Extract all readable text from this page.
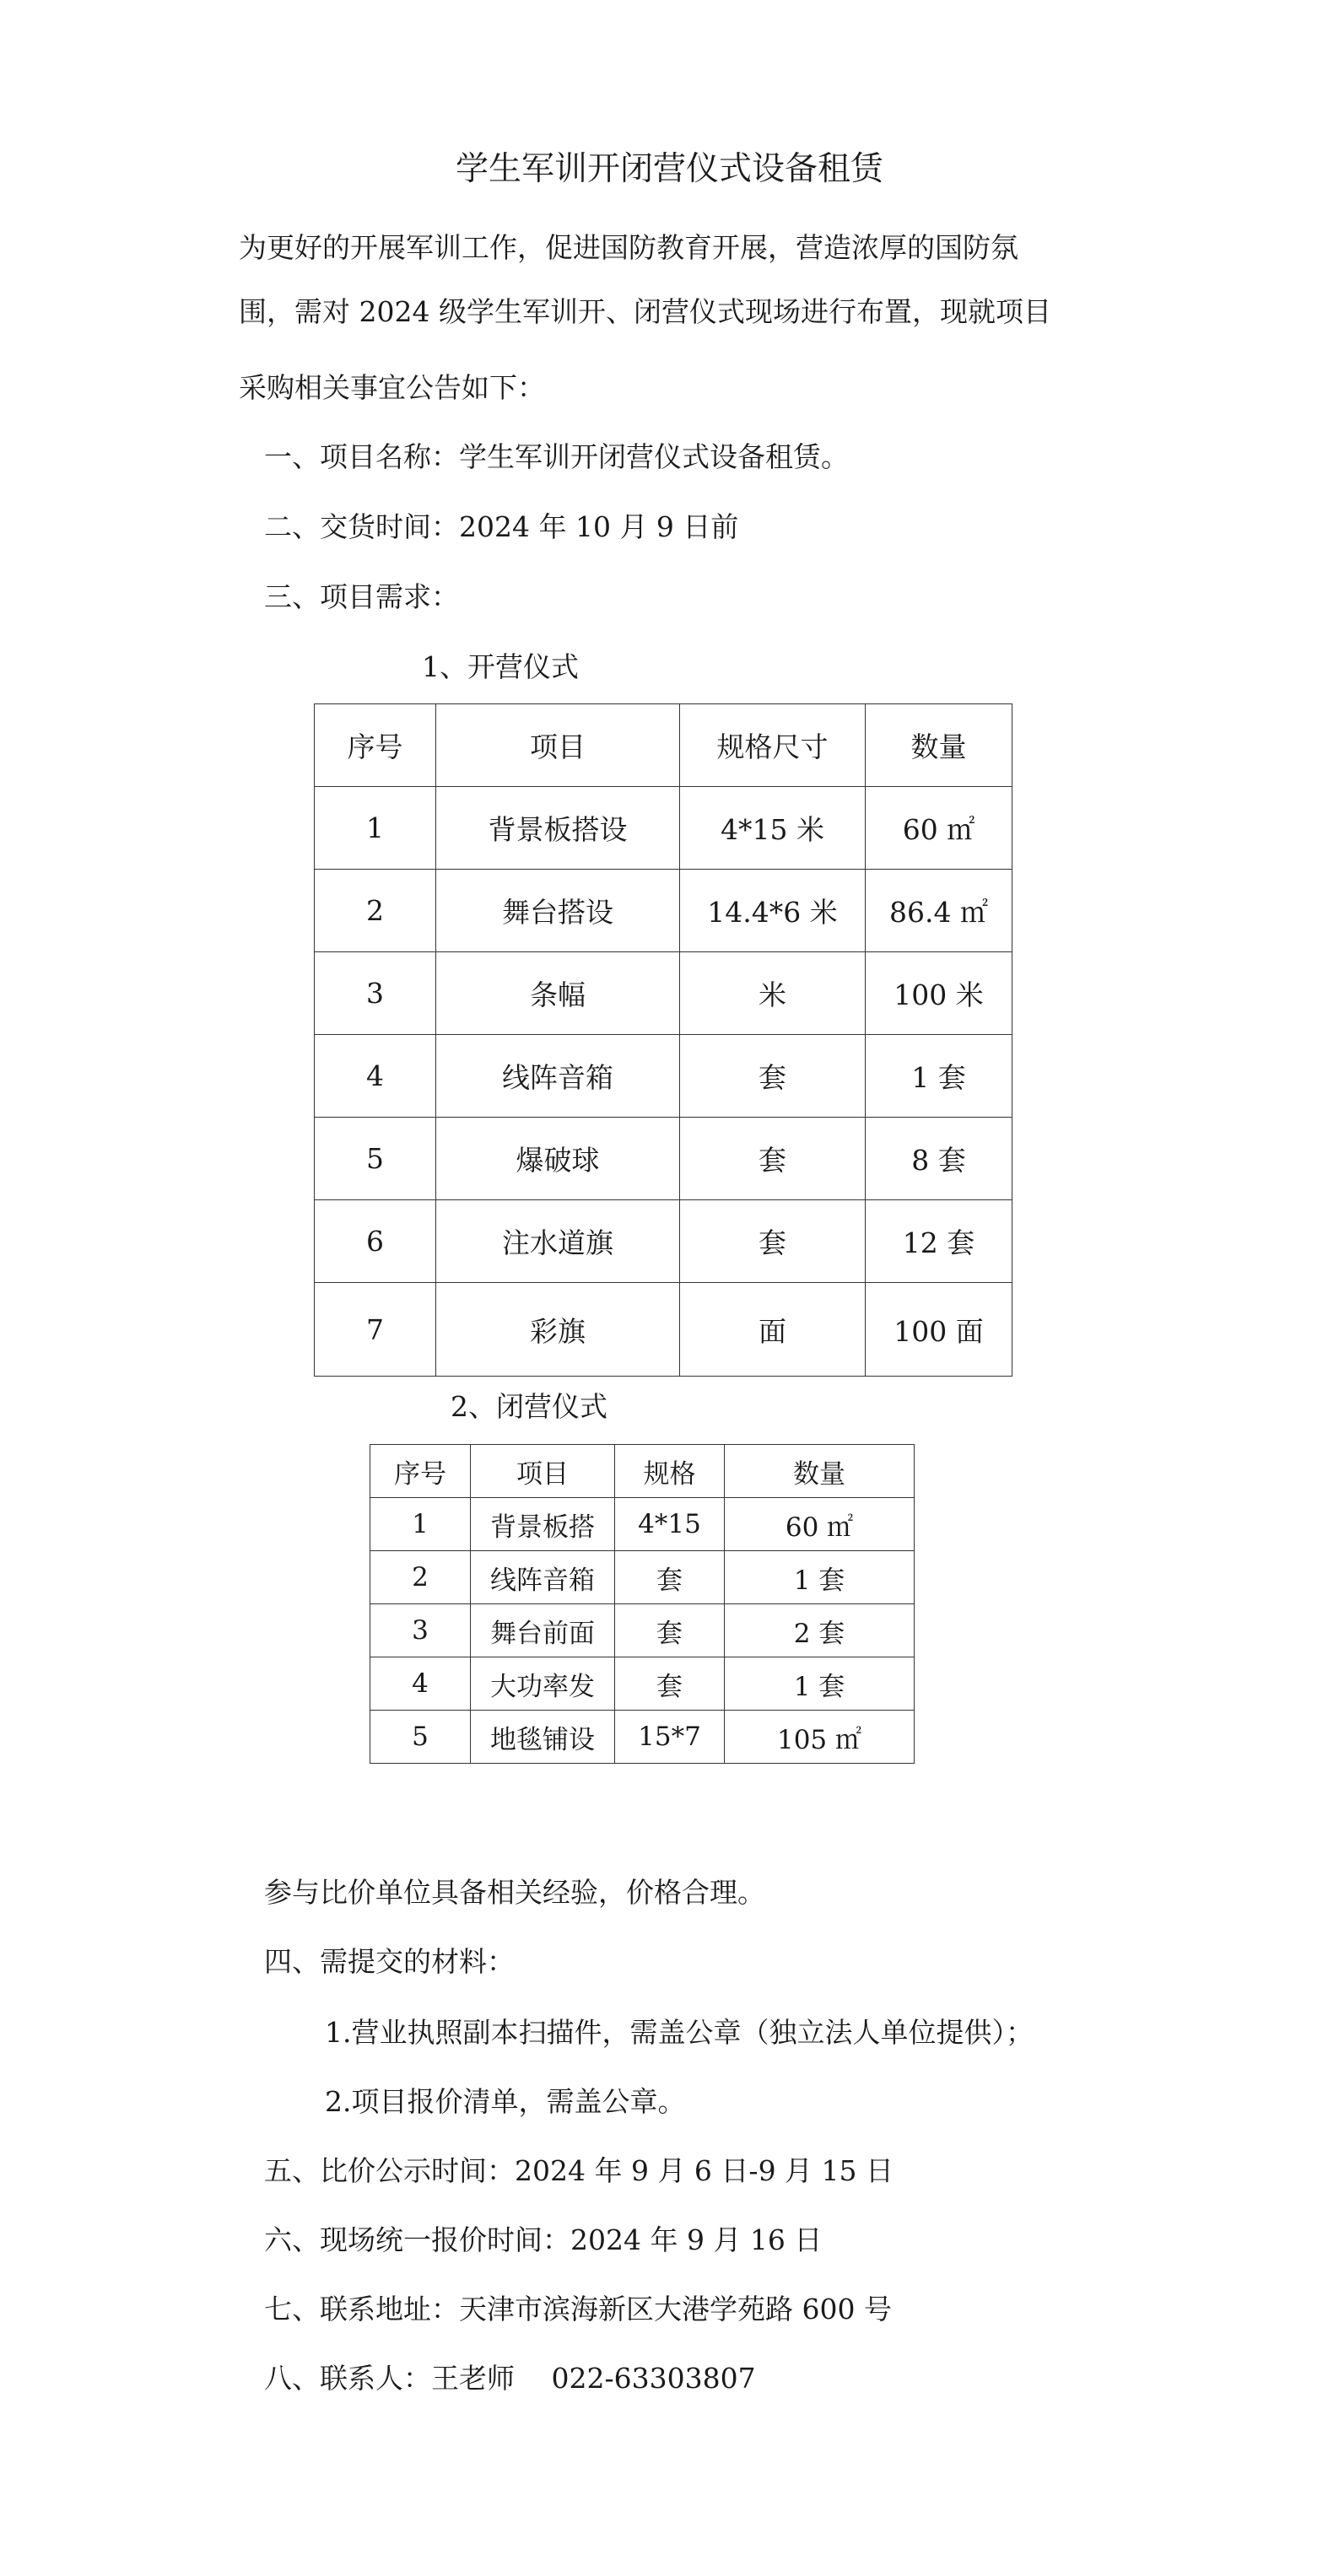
学生军训开闭营仪式设备租赁
为更好的开展军训工作，促进国防教育开展，营造浓厚的国防氛
围，需对 2024 级学生军训开、闭营仪式现场进行布置，现就项目
采购相关事宜公告如下：
一、项目名称：学生军训开闭营仪式设备租赁。
二、交货时间：2024 年 10 月 9 日前
三、项目需求：
1、开营仪式
序号	项目	规格尺寸	数量
1	背景板搭设	4*15 米	60 ㎡
2	舞台搭设	14.4*6 米	86.4 ㎡
3	条幅	米	100 米
4	线阵音箱	套	1 套
5	爆破球	套	8 套
6	注水道旗	套	12 套
7	彩旗	面	100 面
2、闭营仪式
序号	项目	规格	数量
1	背景板搭	4*15	60 ㎡
2	线阵音箱	套	1 套
3	舞台前面	套	2 套
4	大功率发	套	1 套
5	地毯铺设	15*7	105 ㎡
参与比价单位具备相关经验，价格合理。
四、需提交的材料：
1.营业执照副本扫描件，需盖公章（独立法人单位提供）；
2.项目报价清单，需盖公章。
五、比价公示时间：2024 年 9 月 6 日-9 月 15 日
六、现场统一报价时间：2024 年 9 月 16 日
七、联系地址：天津市滨海新区大港学苑路 600 号
八、联系人：王老师　 022-63303807
